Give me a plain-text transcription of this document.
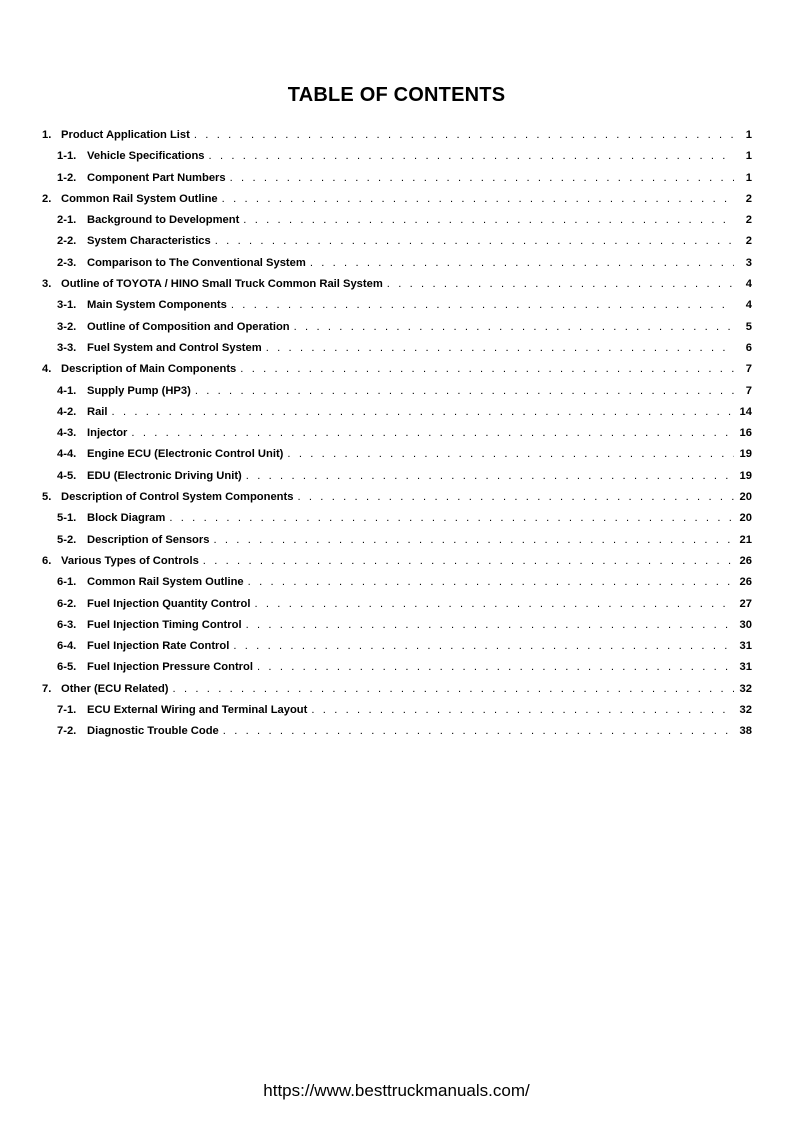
TABLE OF CONTENTS
1. Product Application List . . .	1
1-1. Vehicle Specifications . . .	1
1-2. Component Part Numbers . . .	1
2. Common Rail System Outline . . .	2
2-1. Background to Development . . .	2
2-2. System Characteristics . . .	2
2-3. Comparison to The Conventional System . . .	3
3. Outline of TOYOTA / HINO Small Truck Common Rail System . . .	4
3-1. Main System Components . . .	4
3-2. Outline of Composition and Operation . . .	5
3-3. Fuel System and Control System . . .	6
4. Description of Main Components . . .	7
4-1. Supply Pump (HP3) . . .	7
4-2. Rail . . .	14
4-3. Injector . . .	16
4-4. Engine ECU (Electronic Control Unit) . . .	19
4-5. EDU (Electronic Driving Unit) . . .	19
5. Description of Control System Components . . .	20
5-1. Block Diagram . . .	20
5-2. Description of Sensors . . .	21
6. Various Types of Controls . . .	26
6-1. Common Rail System Outline . . .	26
6-2. Fuel Injection Quantity Control . . .	27
6-3. Fuel Injection Timing Control . . .	30
6-4. Fuel Injection Rate Control . . .	31
6-5. Fuel Injection Pressure Control . . .	31
7. Other (ECU Related) . . .	32
7-1. ECU External Wiring and Terminal Layout . . .	32
7-2. Diagnostic Trouble Code . . .	38
https://www.besttruckmanuals.com/
